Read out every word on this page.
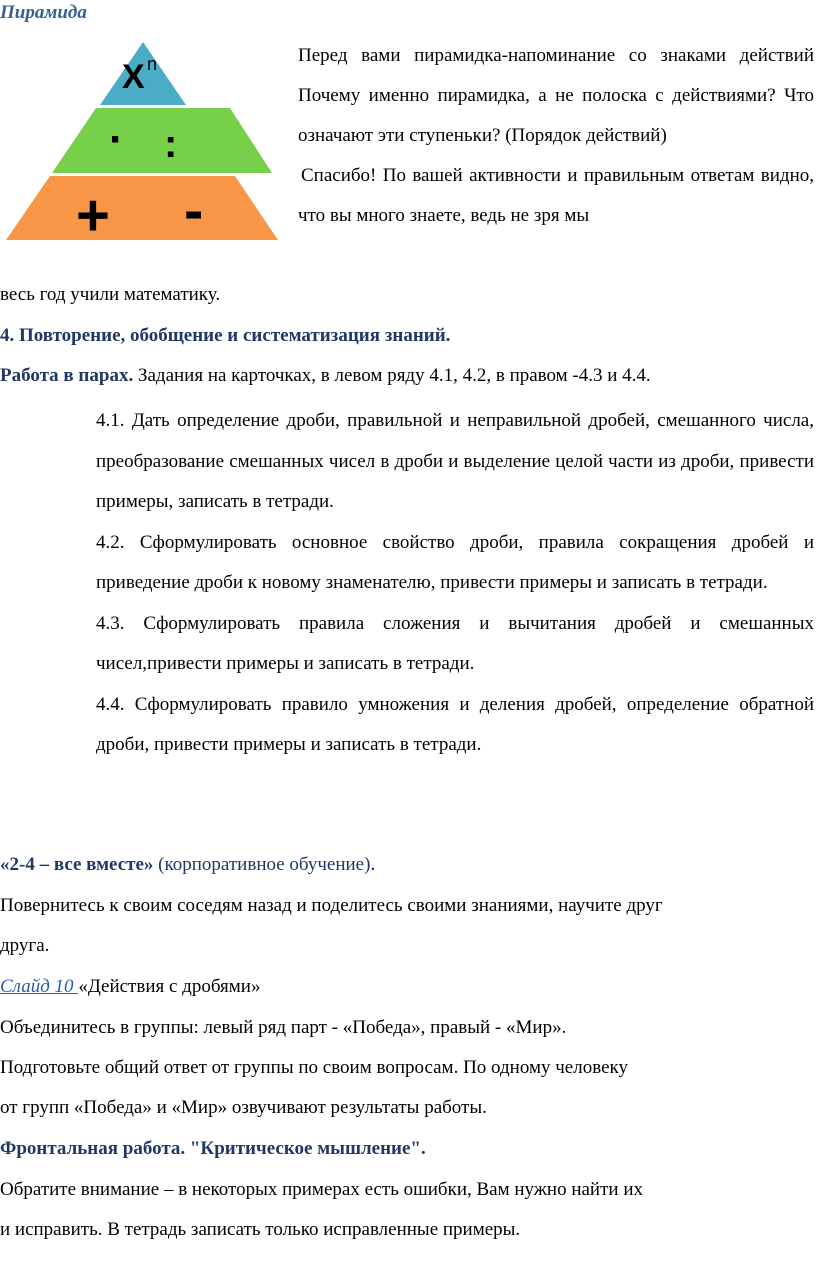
Пирамида
X n
· :
+ -

Перед вами пирамидка-напоминание со знаками действий Почему именно пирамидка, а не полоска с действиями? Что означают эти ступеньки? (Порядок действий)

Спасибо! По вашей активности и правильным ответам видно, что вы много знаете, ведь не зря мы

весь год учили математику.
4. Повторение, обобщение и систематизация знаний.
Работа в парах. Задания на карточках, в левом ряду 4.1, 4.2, в правом -4.3 и 4.4.

4.1. Дать определение дроби, правильной и неправильной дробей, смешанного числа, преобразование смешанных чисел в дроби и выделение целой части из дроби, привести примеры, записать в тетради.

4.2. Сформулировать основное свойство дроби, правила сокращения дробей и приведение дроби к новому знаменателю, привести примеры и записать в тетради.

4.3. Сформулировать правила сложения и вычитания дробей и смешанных чисел,привести примеры и записать в тетради.

4.4. Сформулировать правило умножения и деления дробей, определение обратной дроби, привести примеры и записать в тетради.

«2-4 – все вместе» (корпоративное обучение).
Повернитесь к своим соседям назад и поделитесь своими знаниями, научите друг
друга.
Слайд 10 «Действия с дробями»
Объединитесь в группы: левый ряд парт - «Победа», правый - «Мир».
Подготовьте общий ответ от группы по своим вопросам. По одному человеку
от групп «Победа» и «Мир» озвучивают результаты работы.
Фронтальная работа. "Критическое мышление".
Обратите внимание – в некоторых примерах есть ошибки, Вам нужно найти их
и исправить. В тетрадь записать только исправленные примеры.
